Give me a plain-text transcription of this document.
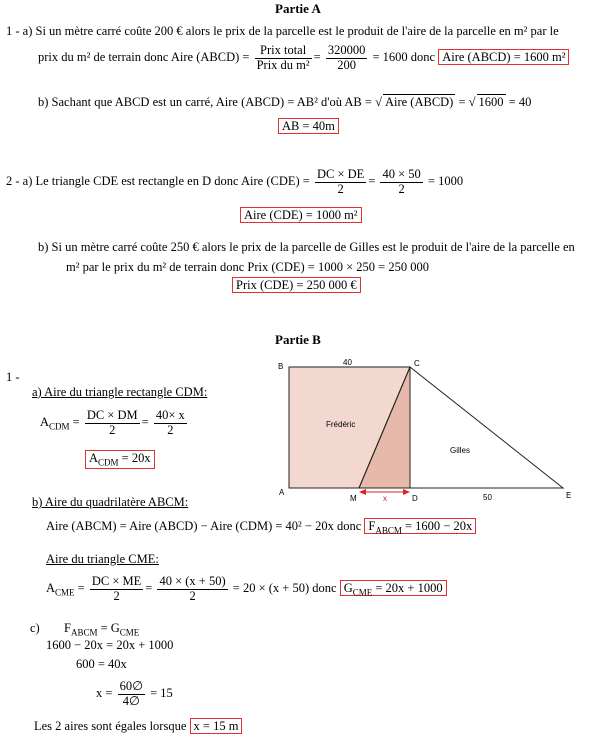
Partie A
1 - a) Si un mètre carré coûte 200 € alors le prix de la parcelle est le produit de l'aire de la parcelle en m² par le
prix du m² de terrain donc Aire (ABCD) = $\frac{\text{Prix total}}{\text{Prix du m²}} = \frac{320000}{200} = 1600$ donc Aire (ABCD) = 1600 m²
b) Sachant que ABCD est un carré, Aire (ABCD) = AB² d'où AB = √ Aire (ABCD) = √ 1600 = 40
AB = 40m
2 - a) Le triangle CDE est rectangle en D donc Aire $(CDE) = \frac{DC \times DE}{2} = \frac{40 \times 50}{2} = 1000$
Aire (CDE) = 1000 m²
b) Si un mètre carré coûte 250 € alors le prix de la parcelle de Gilles est le produit de l'aire de la parcelle en
m² par le prix du m² de terrain donc Prix (CDE) = 1000 × 250 = 250 000
Prix (CDE) = 250 000 €
Partie B
1 -
a) Aire du triangle rectangle CDM:
$A_{CDM} = \frac{DC \times DM}{2} = \frac{40\times x}{2}$
$A_{CDM} = 20x$
b) Aire du quadrilatère ABCM:
Aire (ABCM) = Aire (ABCD) − Aire (CDM) = 40² − 20x donc $F_{ABCM} = 1600 - 20x$
Aire du triangle CME:
$A_{CME} = \frac{DC \times ME}{2} = \frac{40 \times (x + 50)}{2} = 20 \times (x + 50)$ donc $G_{CME} = 20x + 1000$
c) $F_{ABCM} = G_{CME}$
1600 − 20x = 20x + 1000
600 = 40x
$x = \frac{60\emptyset}{4\emptyset} = 15$
Les 2 aires sont égales lorsque x = 15 m
B	C
A
M	D	E
40
50
x
Frédéric
Gilles
